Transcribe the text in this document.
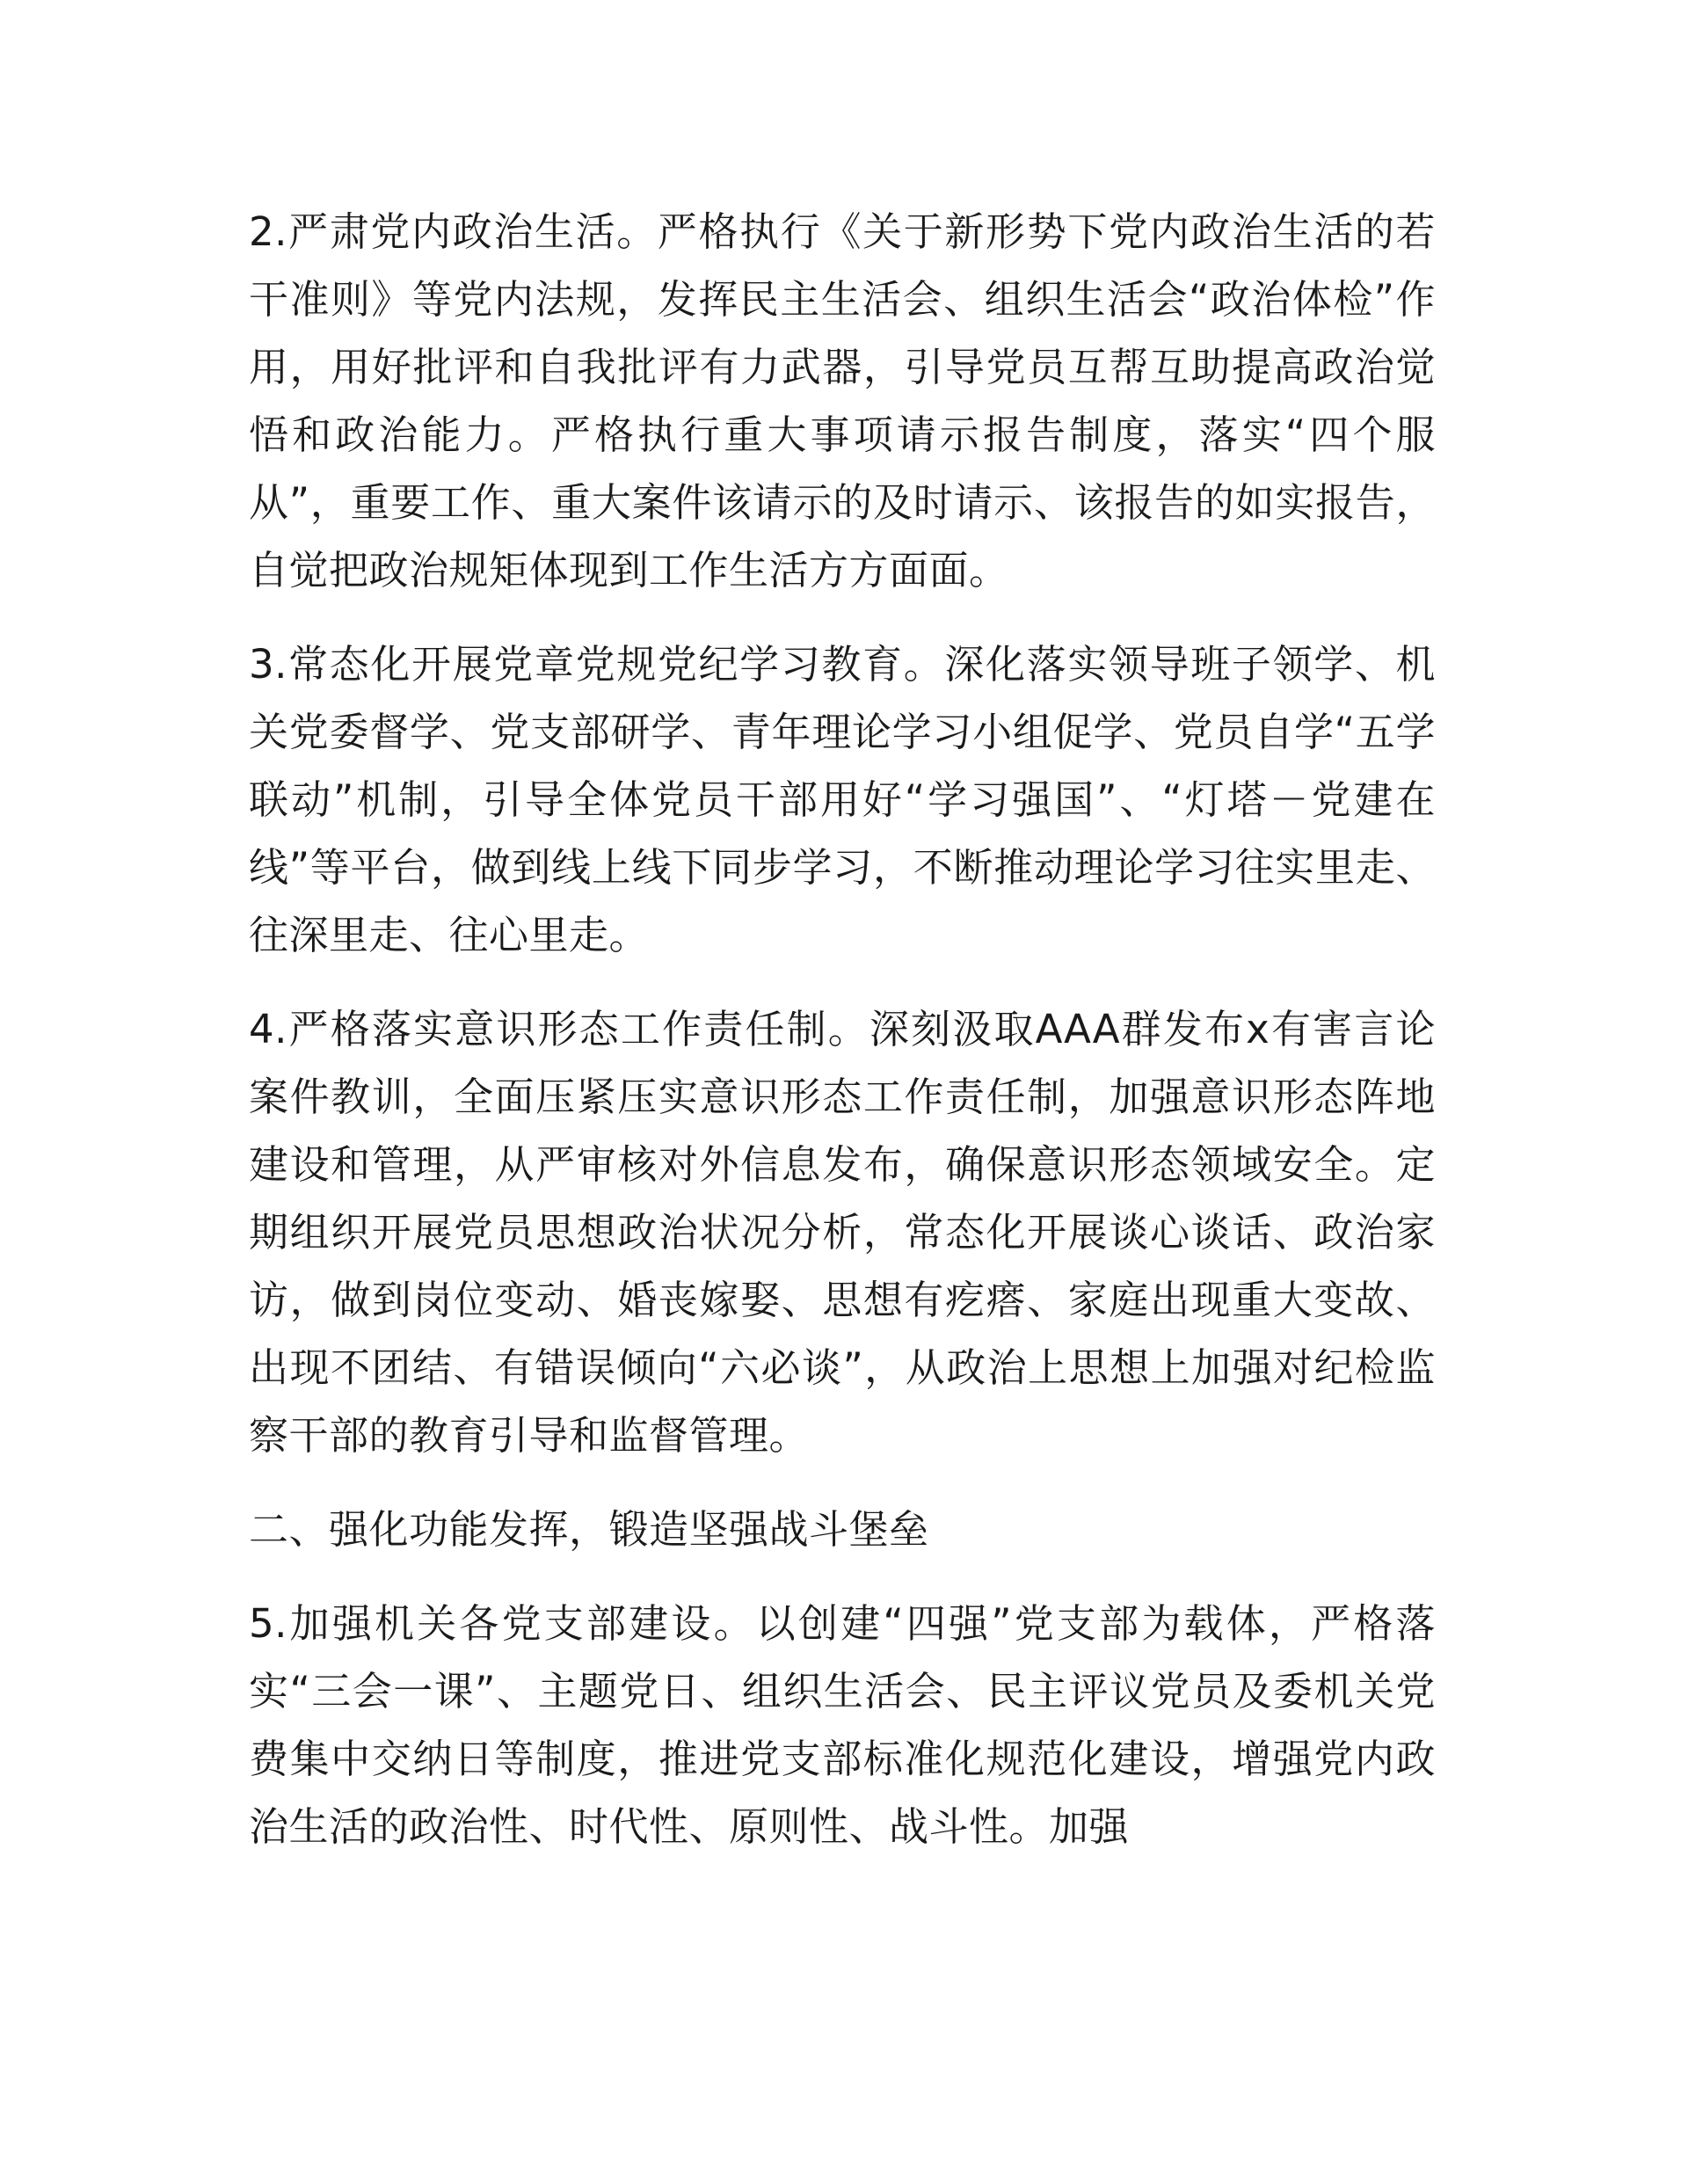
2.严肃党内政治生活。严格执行《关于新形势下党内政治生活的若干准则》等党内法规，发挥民主生活会、组织生活会“政治体检”作用，用好批评和自我批评有力武器，引导党员互帮互助提高政治觉悟和政治能力。严格执行重大事项请示报告制度，落实“四个服从”，重要工作、重大案件该请示的及时请示、该报告的如实报告，自觉把政治规矩体现到工作生活方方面面。

3.常态化开展党章党规党纪学习教育。深化落实领导班子领学、机关党委督学、党支部研学、青年理论学习小组促学、党员自学“五学联动”机制，引导全体党员干部用好“学习强国”、“灯塔－党建在线”等平台，做到线上线下同步学习，不断推动理论学习往实里走、往深里走、往心里走。

4.严格落实意识形态工作责任制。深刻汲取AAA群发布x有害言论案件教训，全面压紧压实意识形态工作责任制，加强意识形态阵地建设和管理，从严审核对外信息发布，确保意识形态领域安全。定期组织开展党员思想政治状况分析，常态化开展谈心谈话、政治家访，做到岗位变动、婚丧嫁娶、思想有疙瘩、家庭出现重大变故、出现不团结、有错误倾向“六必谈”，从政治上思想上加强对纪检监察干部的教育引导和监督管理。

二、强化功能发挥，锻造坚强战斗堡垒

5.加强机关各党支部建设。以创建“四强”党支部为载体，严格落实“三会一课”、主题党日、组织生活会、民主评议党员及委机关党费集中交纳日等制度，推进党支部标准化规范化建设，增强党内政治生活的政治性、时代性、原则性、战斗性。加强
